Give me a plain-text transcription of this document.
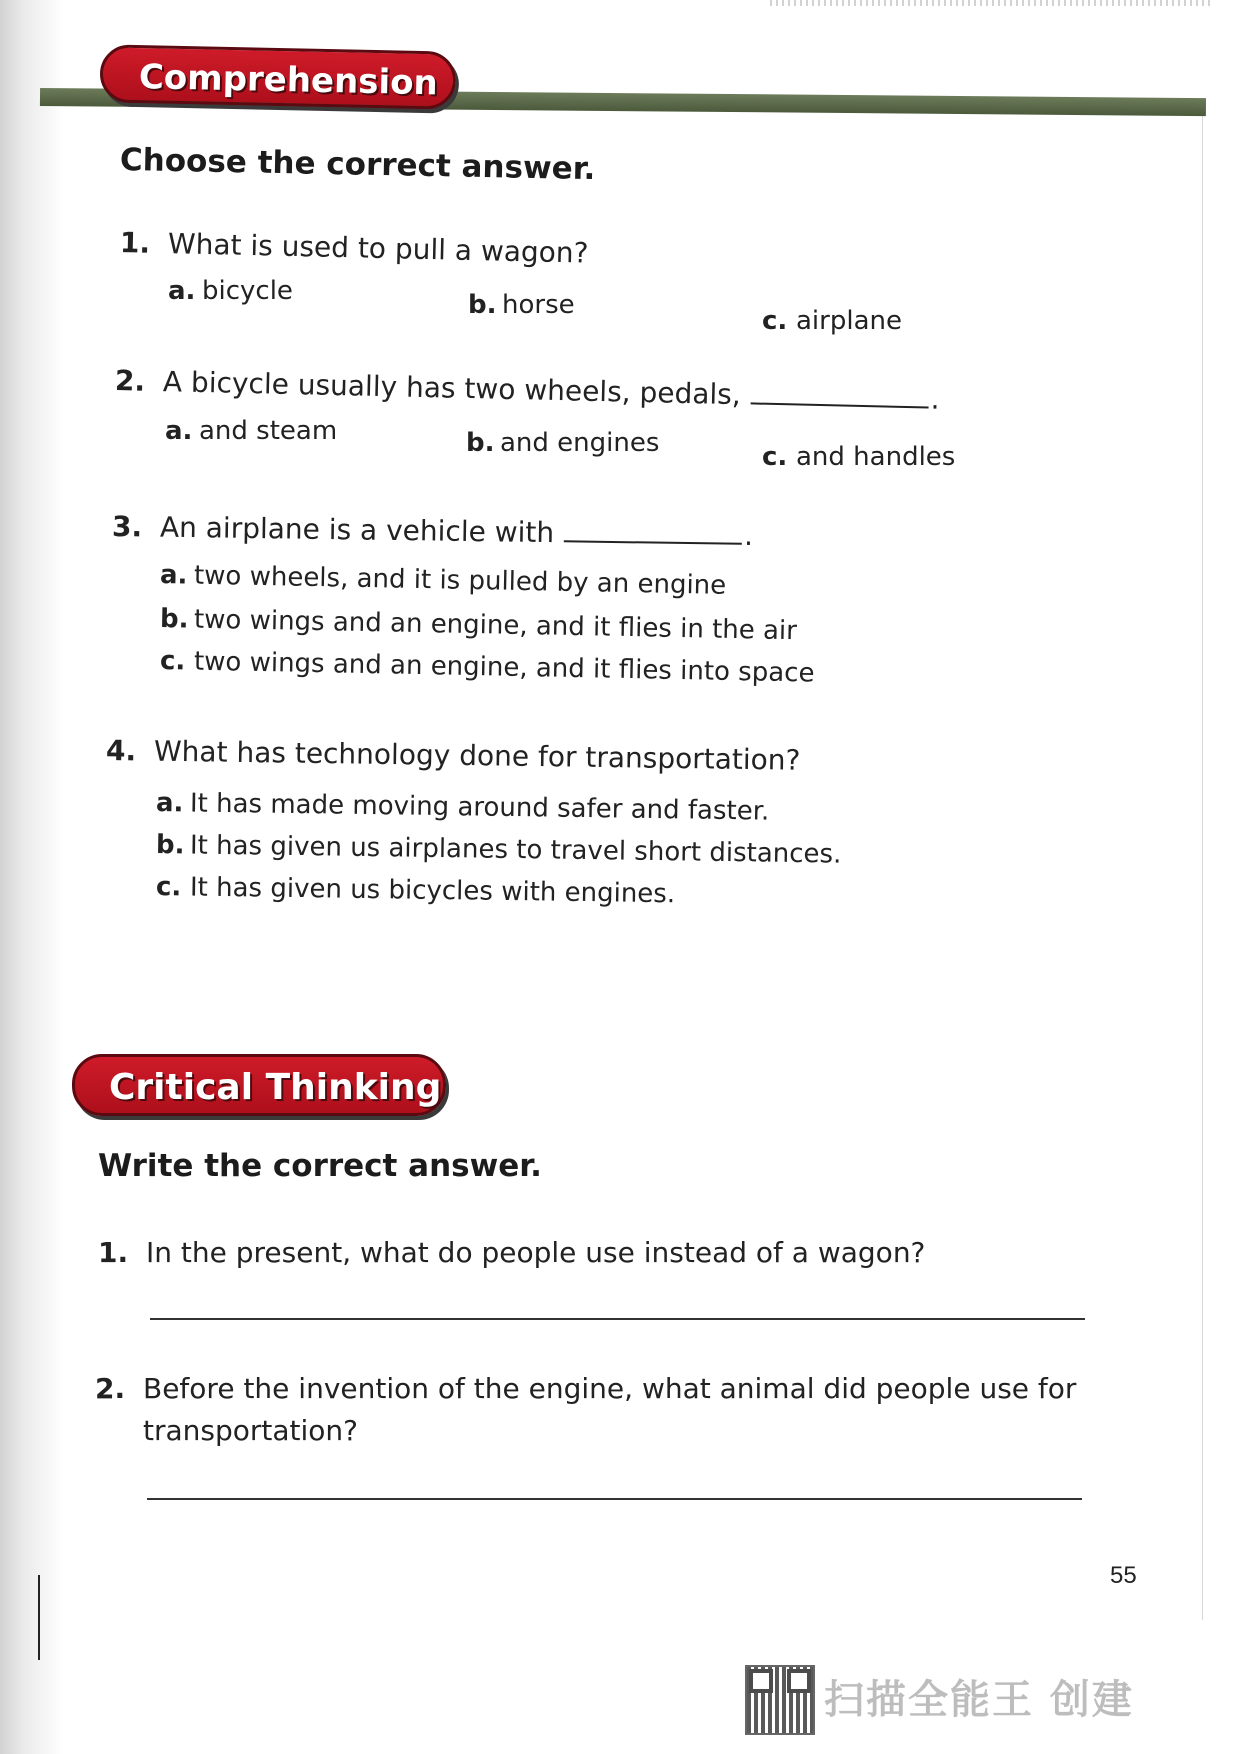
Comprehension
Choose the correct answer.
1. What is used to pull a wagon?
a. bicycle	b. horse
c. airplane
2. A bicycle usually has two wheels, pedals,	.
a. and steam	b. and engines	c. and handles
3. An airplane is a vehicle with	.
a. two wheels, and it is pulled by an engine
b. two wings and an engine, and it flies in the air
c. two wings and an engine, and it flies into space
4. What has technology done for transportation?
a. It has made moving around safer and faster.
b. It has given us airplanes to travel short distances.
c. It has given us bicycles with engines.
Critical Thinking
Write the correct answer.
1. In the present, what do people use instead of a wagon?
2. Before the invention of the engine, what animal did people use for
transportation?
55
扫描全能王 创建
